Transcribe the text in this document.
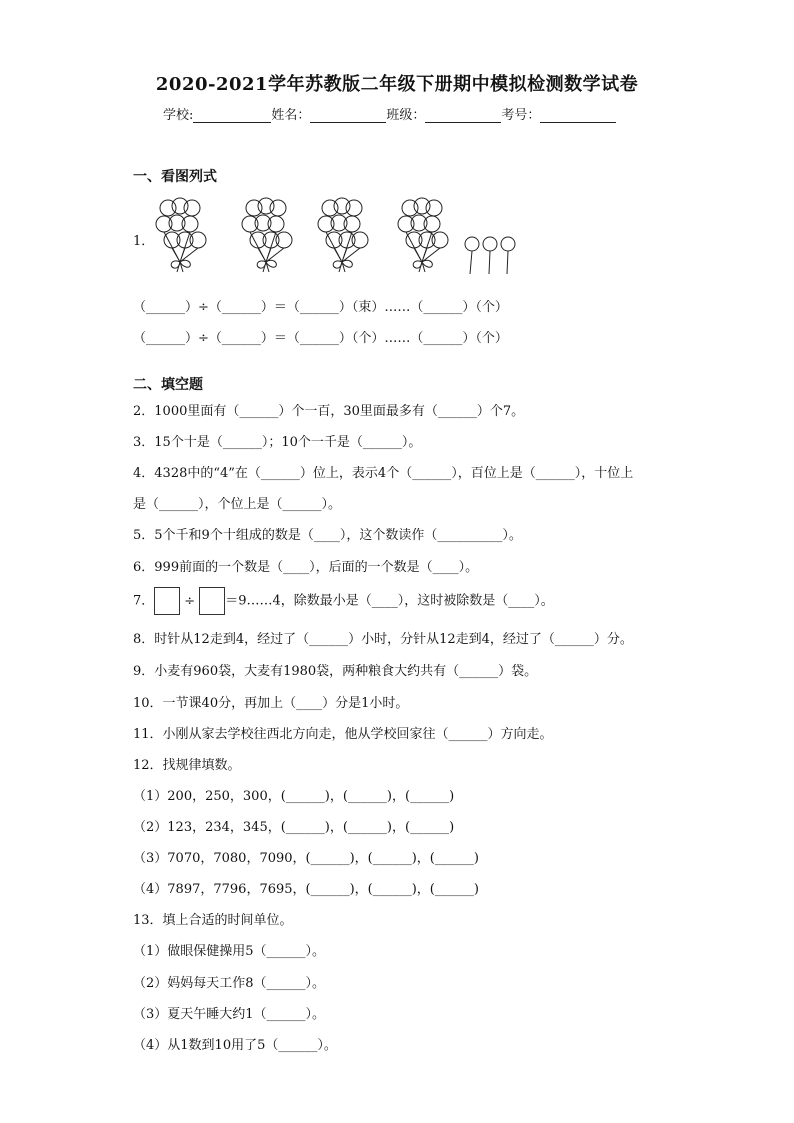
2020-2021学年苏教版二年级下册期中模拟检测数学试卷
学校:	姓名：	班级：	考号：
一、看图列式
1．
（______）÷（______）＝（______）（束）……（______）（个）
（______）÷（______）＝（______）（个）……（______）（个）
二、填空题
2．1000里面有（______）个一百，30里面最多有（______）个7。
3．15个十是（______）；10个一千是（______）。
4．4328中的“4”在（______）位上，表示4个（______），百位上是（______），十位上
是（______），个位上是（______）。
5．5个千和9个十组成的数是（____），这个数读作（__________）。
6．999前面的一个数是（____），后面的一个数是（____）。
7． ÷ ＝9……4，除数最小是（____），这时被除数是（____）。
8．时针从12走到4，经过了（______）小时，分针从12走到4，经过了（______）分。
9．小麦有960袋，大麦有1980袋，两种粮食大约共有（______）袋。
10．一节课40分，再加上（____）分是1小时。
11．小刚从家去学校往西北方向走，他从学校回家往（______）方向走。
12．找规律填数。
（1）200，250，300，(______)，(______)，(______)
（2）123，234，345，(______)，(______)，(______)
（3）7070，7080，7090，(______)，(______)，(______)
（4）7897，7796，7695，(______)，(______)，(______)
13．填上合适的时间单位。
（1）做眼保健操用5（______）。
（2）妈妈每天工作8（______）。
（3）夏天午睡大约1（______）。
（4）从1数到10用了5（______）。
